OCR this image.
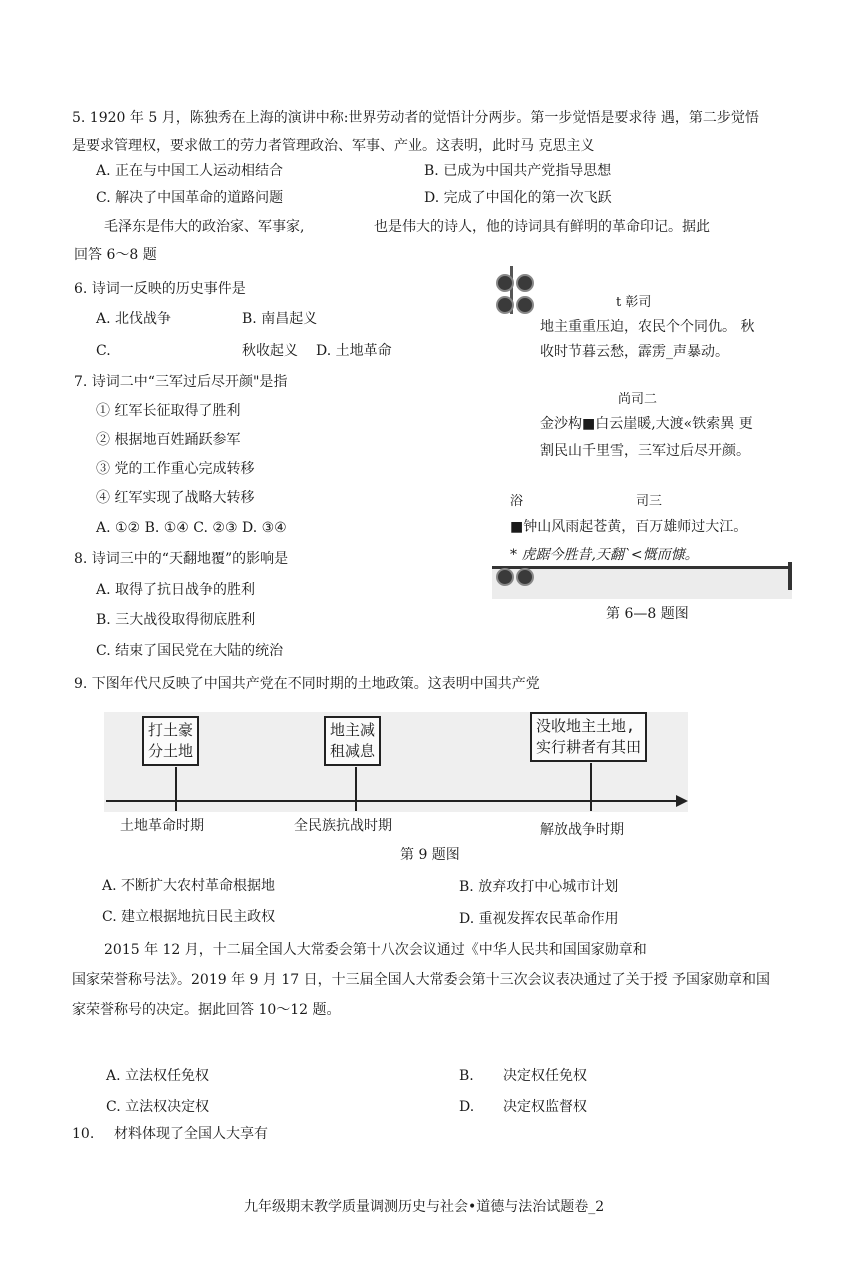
5. 1920 年 5 月，陈独秀在上海的演讲中称:世界劳动者的觉悟计分两步。第一步觉悟是要求待 遇，第二步觉悟
是要求管理权，要求做工的劳力者管理政治、军事、产业。这表明，此时马 克思主义
A. 正在与中国工人运动相结合	B. 已成为中国共产党指导思想
C. 解决了中国革命的道路问题	D. 完成了中国化的第一次飞跃
毛泽东是伟大的政治家、军事家,	也是伟大的诗人，他的诗词具有鲜明的革命印记。据此
回答 6～8 题
6. 诗词一反映的历史事件是
A. 北伐战争	B. 南昌起义
C.	秋收起义 D. 土地革命
7. 诗词二中“三军过后尽开颜"是指
① 红军长征取得了胜利
② 根据地百姓踊跃参军
③ 党的工作重心完成转移
④ 红军实现了战略大转移
A. ①② B. ①④ C. ②③ D. ③④
8. 诗词三中的“天翻地覆”的影响是
A. 取得了抗日战争的胜利
B. 三大战役取得彻底胜利
C. 结束了国民党在大陆的统治
t 彰司
地主重重压迫，农民个个同仇。 秋
收时节暮云愁，霹雳_声暴动。
尚司二
金沙构■白云崖暖,大渡«铁索異 更
割民山千里雪，三军过后尽开颜。
浴	司三
■钟山风雨起苍黄，百万雄师过大江。
* 虎踞今胜昔,天翻`<慨而慷。
第 6—8 题图
9. 下图年代尺反映了中国共产党在不同时期的土地政策。这表明中国共产党
打土豪
分土地
地主减
租减息
没收地主土地,
实行耕者有其田
土地革命时期	全民族抗战时期	解放战争时期
第 9 题图
A. 不断扩大农村革命根据地	B. 放弃攻打中心城市计划
C. 建立根据地抗日民主政权	D. 重视发挥农民革命作用
2015 年 12 月，十二届全国人大常委会第十八次会议通过《中华人民共和国国家勋章和
国家荣誉称号法》。2019 年 9 月 17 日，十三届全国人大常委会第十三次会议表决通过了关于授 予国家勋章和国
家荣誉称号的决定。据此回答 10～12 题。
A. 立法权任免权	B. 决定权任免权
C. 立法权决定权	D. 决定权监督权
10. 材料体现了全国人大享有
九年级期末教学质量调测历史与社会•道德与法治试题卷_2
